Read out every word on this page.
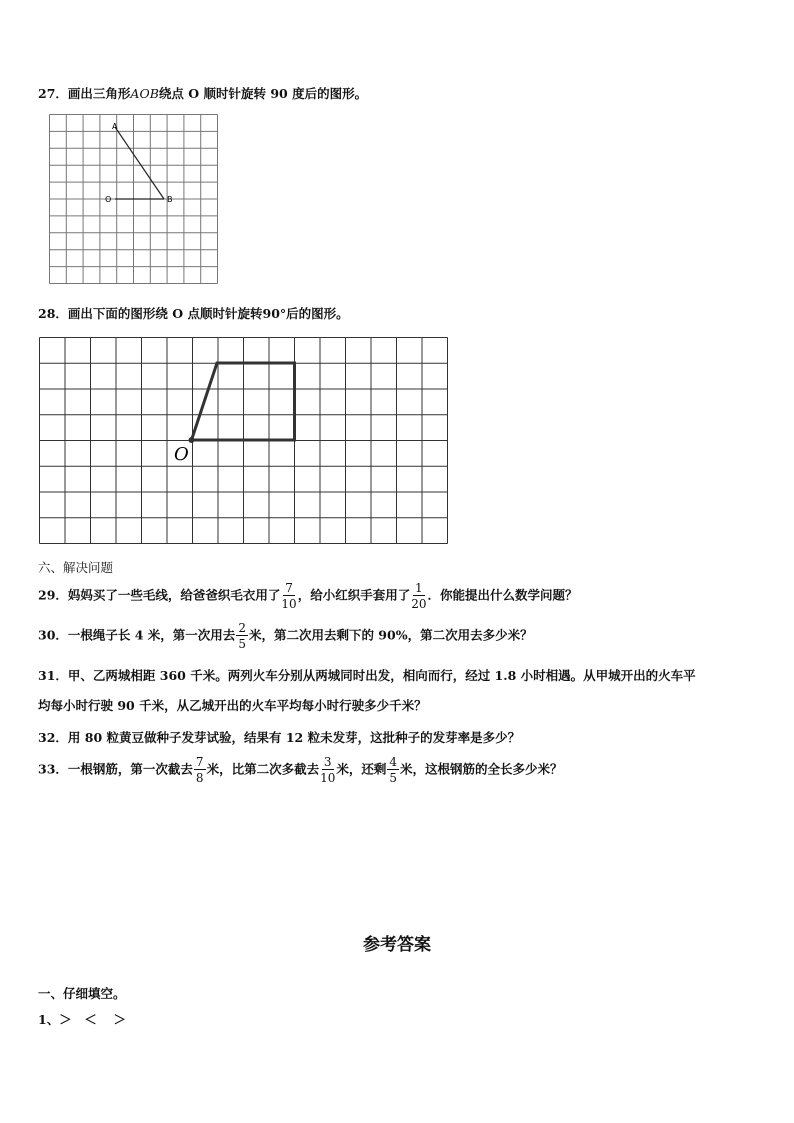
27．画出三角形AOB绕点 O 顺时针旋转 90 度后的图形。
A
O	B
28．画出下面的图形绕 O 点顺时针旋转90°后的图形。
O
六、解决问题
29．妈妈买了一些毛线，给爸爸织毛衣用了 $\frac{7}{10}$ ，给小红织手套用了 $\frac{1}{20}$ ．你能提出什么数学问题？
30．一根绳子长 4 米，第一次用去 $\frac{2}{5}$ 米，第二次用去剩下的 90%，第二次用去多少米？
31．甲、乙两城相距 360 千米。两列火车分别从两城同时出发，相向而行，经过 1.8 小时相遇。从甲城开出的火车平
均每小时行驶 90 千米，从乙城开出的火车平均每小时行驶多少千米？
32．用 80 粒黄豆做种子发芽试验，结果有 12 粒未发芽，这批种子的发芽率是多少？
33．一根钢筋，第一次截去 $\frac{7}{8}$ 米，比第二次多截去 $\frac{3}{10}$ 米，还剩 $\frac{4}{5}$ 米，这根钢筋的全长多少米？
参考答案
一、仔细填空。
1、＞　＜　 ＞
